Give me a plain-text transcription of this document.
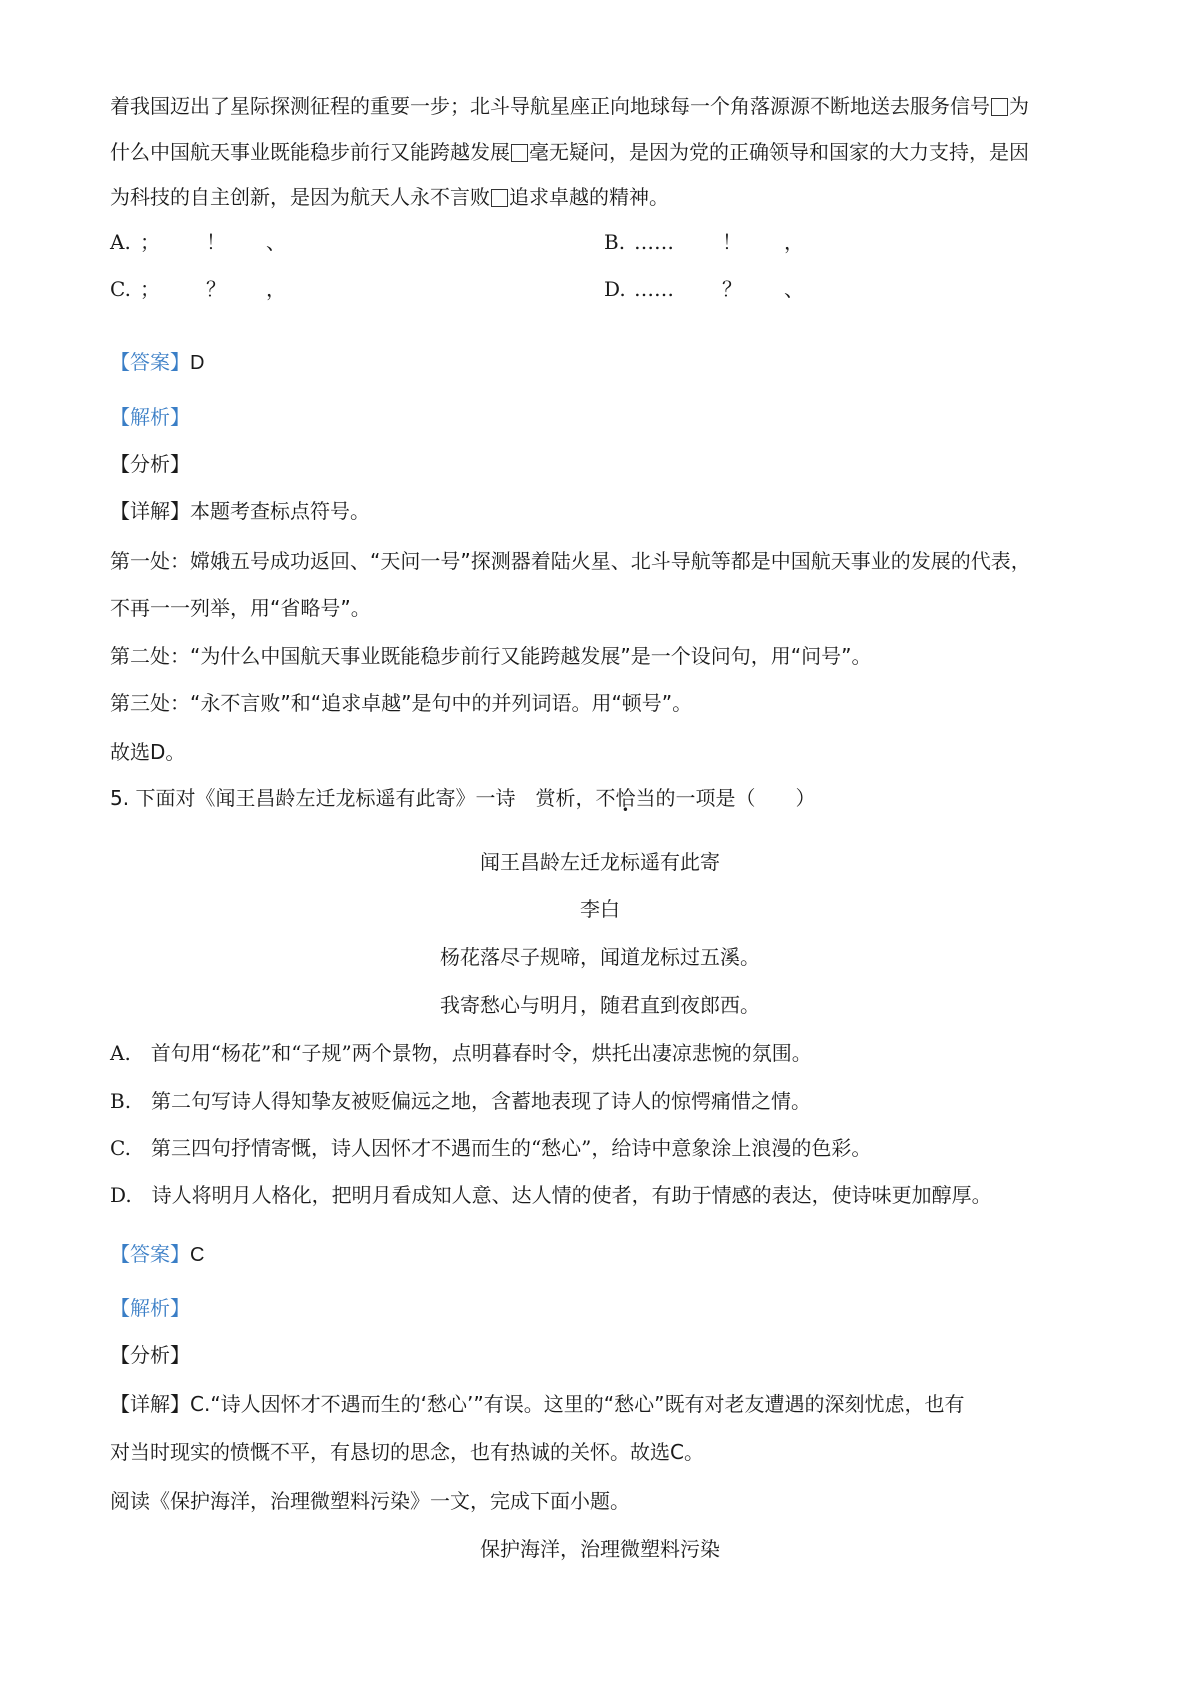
着我国迈出了星际探测征程的重要一步；北斗导航星座正向地球每一个角落源源不断地送去服务信号 为
什么中国航天事业既能稳步前行又能跨越发展 毫无疑问，是因为党的正确领导和国家的大力支持，是因
为科技的自主创新，是因为航天人永不言败 追求卓越的精神。
A. ； ！ 、	B. …… ！ ，
C. ； ？ ，	D. …… ？ 、
【答案】D
【解析】
【分析】
【详解】本题考查标点符号。
第一处：嫦娥五号成功返回、“天问一号”探测器着陆火星、北斗导航等都是中国航天事业的发展的代表，
不再一一列举，用“省略号”。
第二处：“为什么中国航天事业既能稳步前行又能跨越发展”是一个设问句，用“问号”。
第三处：“永不言败”和“追求卓越”是句中的并列词语。用“顿号”。
故选D。
5. 下面对《闻王昌龄左迁龙标遥有此寄》一诗　赏析，不恰当的一项是（　　）
闻王昌龄左迁龙标遥有此寄
李白
杨花落尽子规啼，闻道龙标过五溪。
我寄愁心与明月，随君直到夜郎西。
A.　首句用“杨花”和“子规”两个景物，点明暮春时令，烘托出凄凉悲惋的氛围。
B.　第二句写诗人得知挚友被贬偏远之地，含蓄地表现了诗人的惊愕痛惜之情。
C.　第三四句抒情寄慨，诗人因怀才不遇而生的“愁心”，给诗中意象涂上浪漫的色彩。
D.　诗人将明月人格化，把明月看成知人意、达人情的使者，有助于情感的表达，使诗味更加醇厚。
【答案】C
【解析】
【分析】
【详解】C.“诗人因怀才不遇而生的‘愁心’”有误。这里的“愁心”既有对老友遭遇的深刻忧虑，也有
对当时现实的愤慨不平，有恳切的思念，也有热诚的关怀。故选C。
阅读《保护海洋，治理微塑料污染》一文，完成下面小题。
保护海洋，治理微塑料污染
